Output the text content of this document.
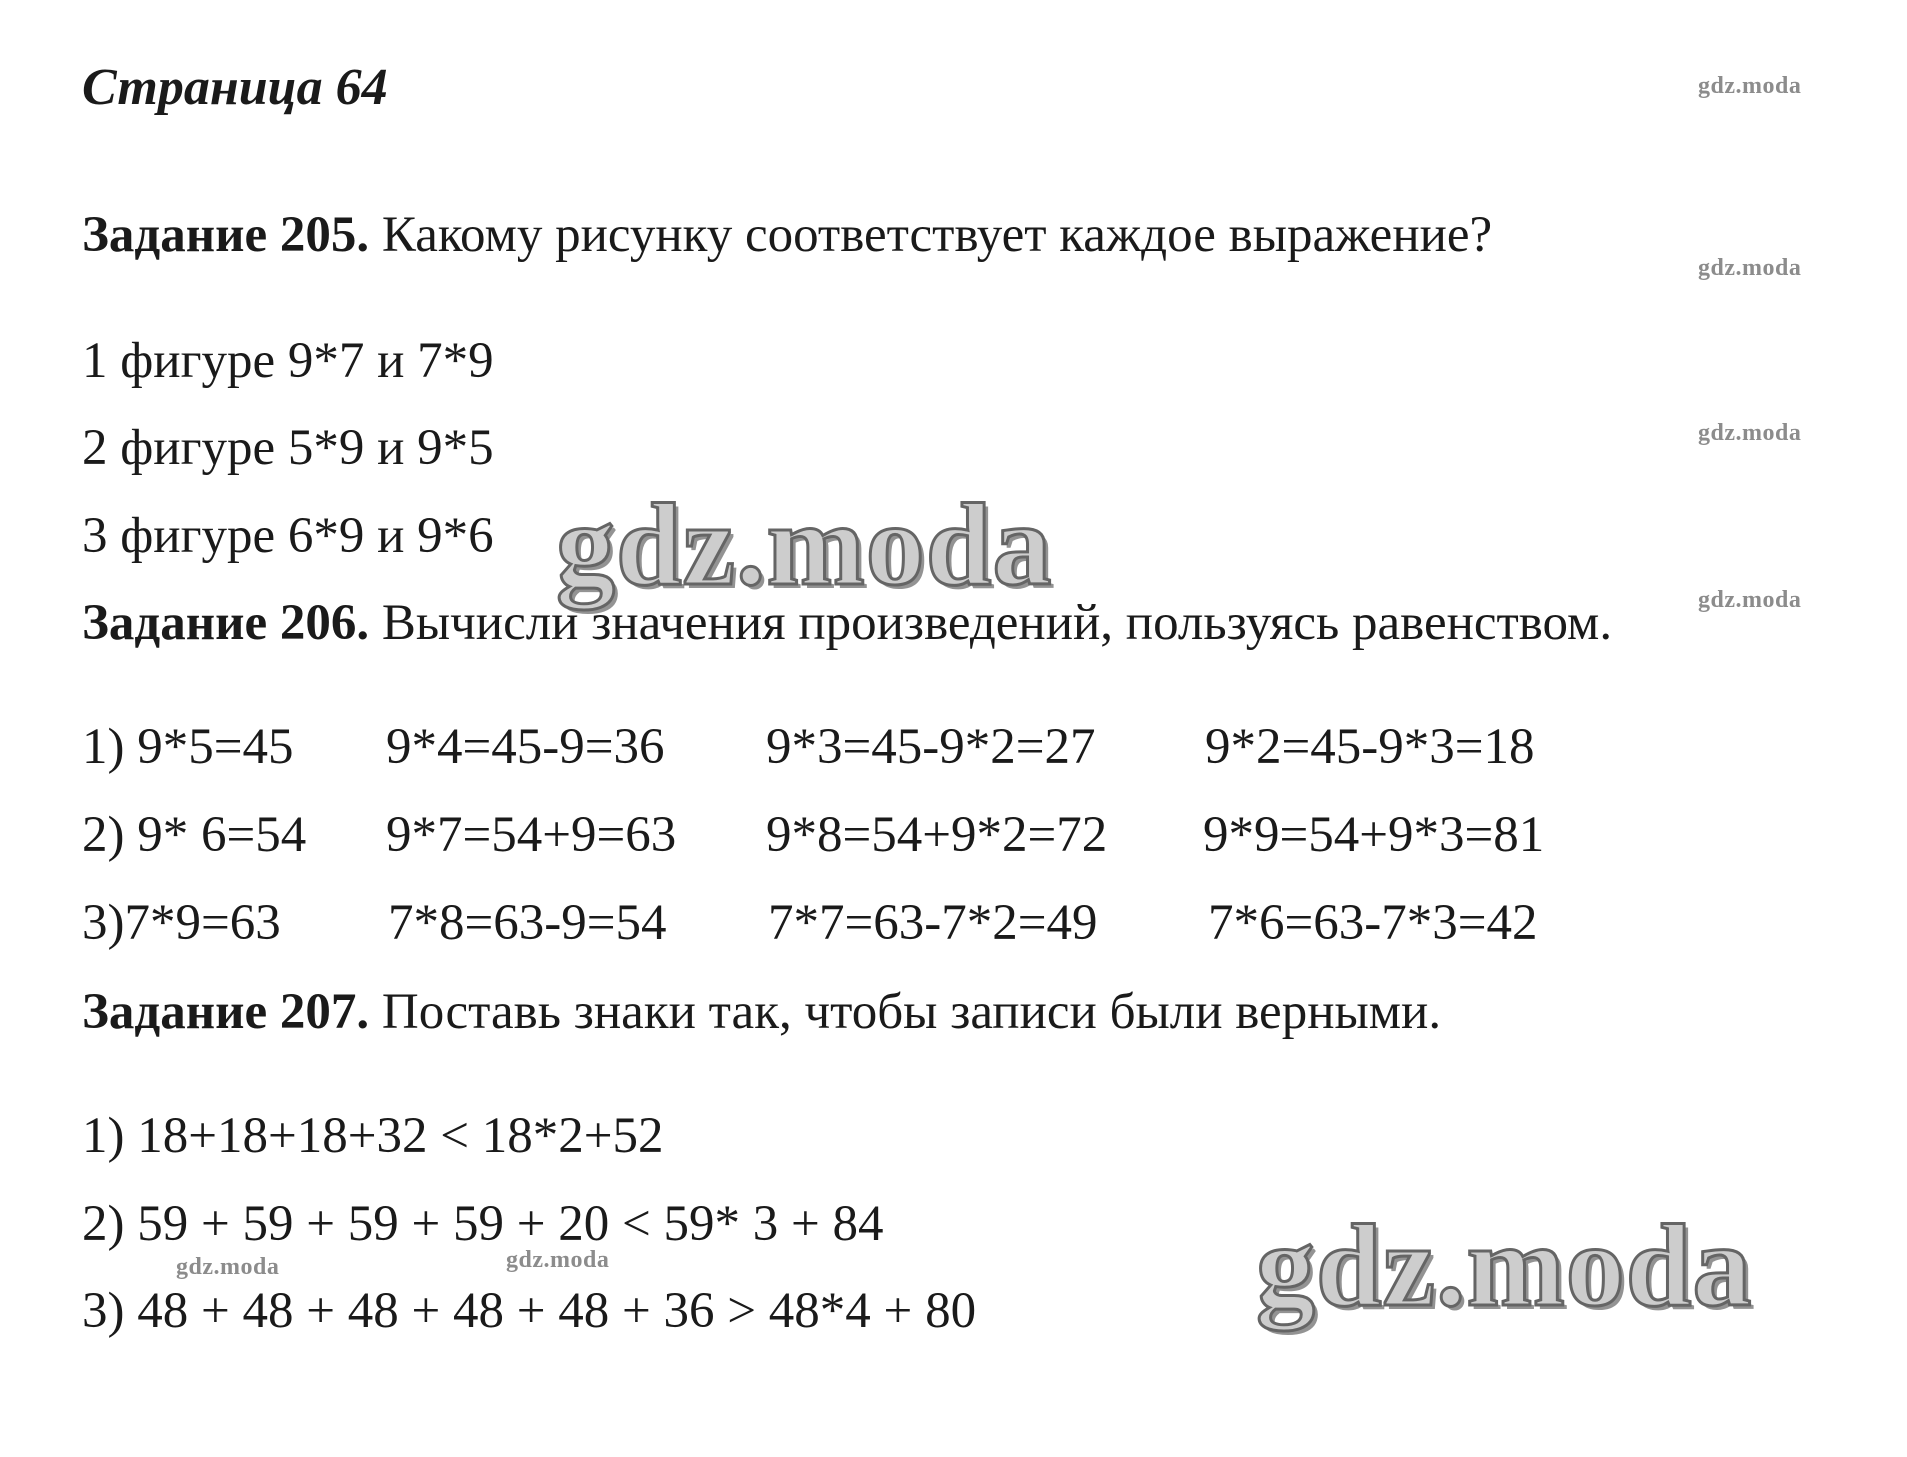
Страница 64
Задание 205. Какому рисунку соответствует каждое выражение?
1 фигуре 9*7 и 7*9
2 фигуре 5*9 и 9*5
3 фигуре 6*9 и 9*6
Задание 206. Вычисли значения произведений, пользуясь равенством.
1) 9*5=45 9*4=45-9=36 9*3=45-9*2=27 9*2=45-9*3=18
2) 9* 6=54 9*7=54+9=63 9*8=54+9*2=72 9*9=54+9*3=81
3)7*9=63 7*8=63-9=54 7*7=63-7*2=49 7*6=63-7*3=42
Задание 207. Поставь знаки так, чтобы записи были верными.
1) 18+18+18+32 < 18*2+52
2) 59 + 59 + 59 + 59 + 20 < 59* 3 + 84
3) 48 + 48 + 48 + 48 + 48 + 36 > 48*4 + 80
gdz.moda
gdz.moda
gdz.moda
gdz.moda
gdz.moda	gdz.moda
gdz.moda
gdz.moda
